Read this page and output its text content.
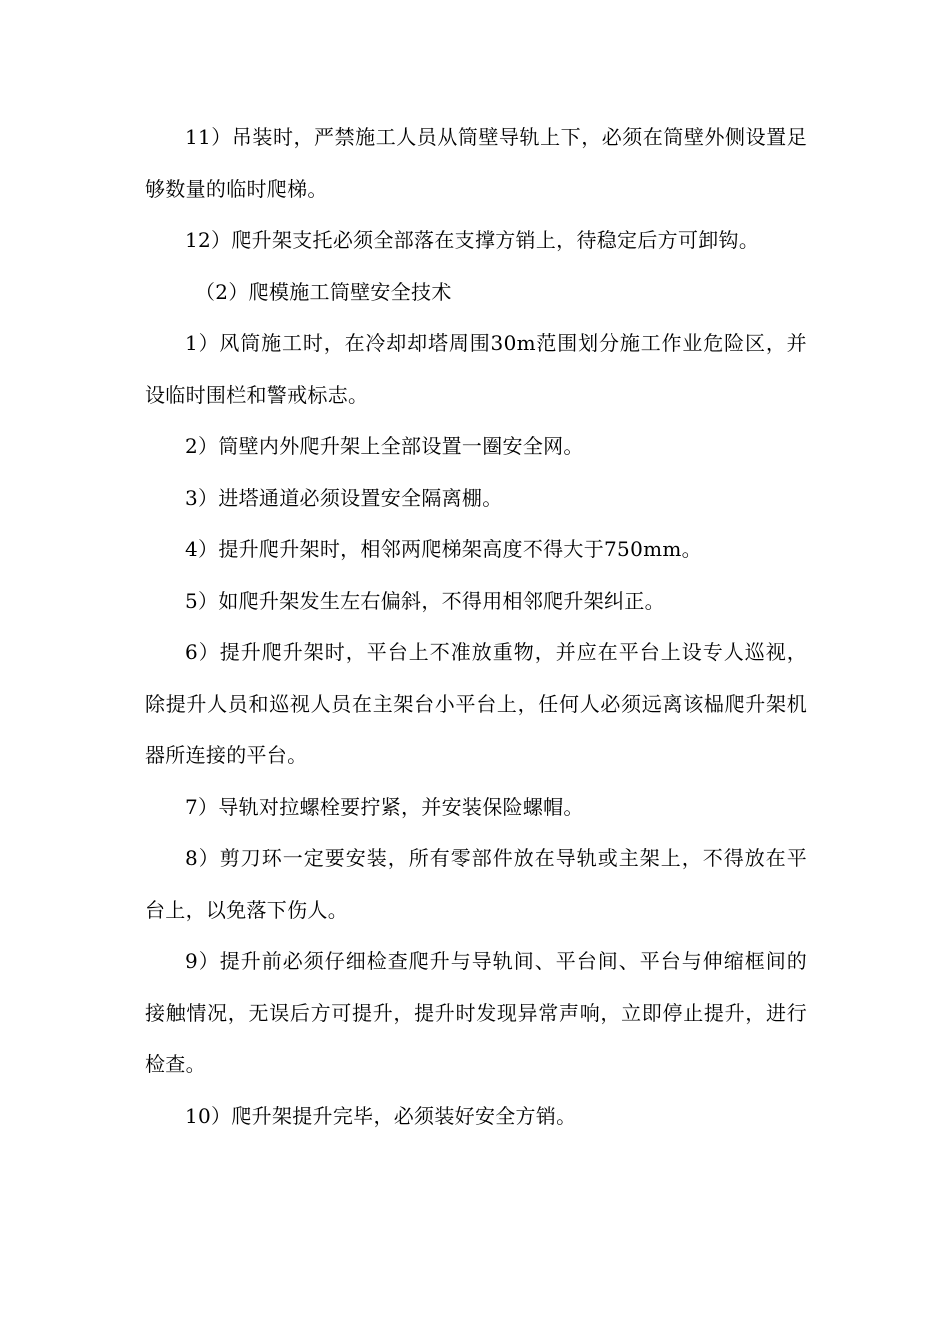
11）吊装时，严禁施工人员从筒壁导轨上下，必须在筒壁外侧设置足够数量的临时爬梯。

12）爬升架支托必须全部落在支撑方销上，待稳定后方可卸钩。

（2）爬模施工筒壁安全技术

1）风筒施工时，在冷却却塔周围30m范围划分施工作业危险区，并设临时围栏和警戒标志。

2）筒壁内外爬升架上全部设置一圈安全网。

3）进塔通道必须设置安全隔离棚。

4）提升爬升架时，相邻两爬梯架高度不得大于750mm。

5）如爬升架发生左右偏斜，不得用相邻爬升架纠正。

6）提升爬升架时，平台上不准放重物，并应在平台上设专人巡视，除提升人员和巡视人员在主架台小平台上，任何人必须远离该榀爬升架机器所连接的平台。

7）导轨对拉螺栓要拧紧，并安装保险螺帽。

8）剪刀环一定要安装，所有零部件放在导轨或主架上，不得放在平台上，以免落下伤人。

9）提升前必须仔细检查爬升与导轨间、平台间、平台与伸缩框间的接触情况，无误后方可提升，提升时发现异常声响，立即停止提升，进行检查。

10）爬升架提升完毕，必须装好安全方销。
